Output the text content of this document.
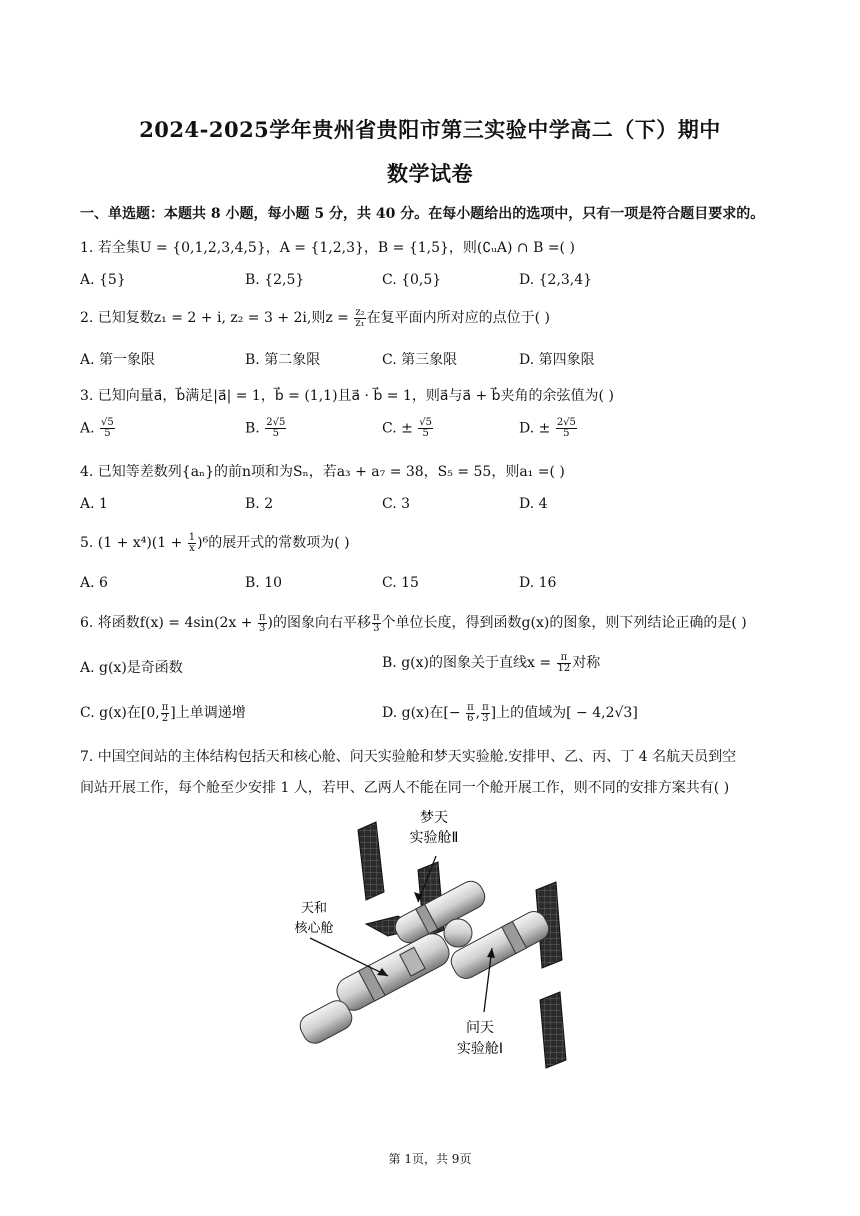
2024-2025学年贵州省贵阳市第三实验中学高二（下）期中
数学试卷
一、单选题：本题共 8 小题，每小题 5 分，共 40 分。在每小题给出的选项中，只有一项是符合题目要求的。
1. 若全集U = {0,1,2,3,4,5}，A = {1,2,3}，B = {1,5}，则(∁ᵤA) ∩ B =( )
A. {5}	B. {2,5}	C. {0,5}	D. {2,3,4}
2. 已知复数z₁ = 2 + i, z₂ = 3 + 2i,则$z = \frac{\text{z₂}}{\text{z₁}}$ 在复平面内所对应的点位于( )
A. 第一象限	B. 第二象限	C. 第三象限	D. 第四象限
3. 已知向量a⃗，b⃗满足|a⃗| = 1，b⃗ = (1,1)且a⃗ · b⃗ = 1，则a⃗与a⃗ + b⃗夹角的余弦值为( )
A. $\frac{√5}{5}$	B. $\frac{2√5}{5}$	C. ± $\frac{√5}{5}$	D. ± $\frac{2√5}{5}$
4. 已知等差数列{aₙ}的前n项和为Sₙ，若a₃ + a₇ = 38，S₅ = 55，则a₁ =( )
A. 1	B. 2	C. 3	D. 4
5. $(1 + x^4)(1 + \frac{1}{x} )^6$的展开式的常数项为( )
A. 6	B. 10	C. 15	D. 16
6. 将函数$f(x) = 4\sin(2x + \frac{\pi}{3}$ )的图象向右平移 $\frac{\pi}{3}$ 个单位长度，得到函数g(x)的图象，则下列结论正确的是( )
A. g(x)是奇函数	B. g(x)的图象关于直线$x = \frac{\pi}{12}$ 对称
C. g(x)在[0, $\frac{\pi}{2}$ ]上单调递增	D. g(x)在[− $\frac{\pi}{6}$ , $\frac{\pi}{3}$ ]上的值域为[ − 4,2√3]
7. 中国空间站的主体结构包括天和核心舱、问天实验舱和梦天实验舱.安排甲、乙、丙、丁 4 名航天员到空
间站开展工作，每个舱至少安排 1 人，若甲、乙两人不能在同一个舱开展工作，则不同的安排方案共有( )
梦天
实验舱Ⅱ
天和
核心舱
问天
实验舱Ⅰ
第 1页，共 9页
